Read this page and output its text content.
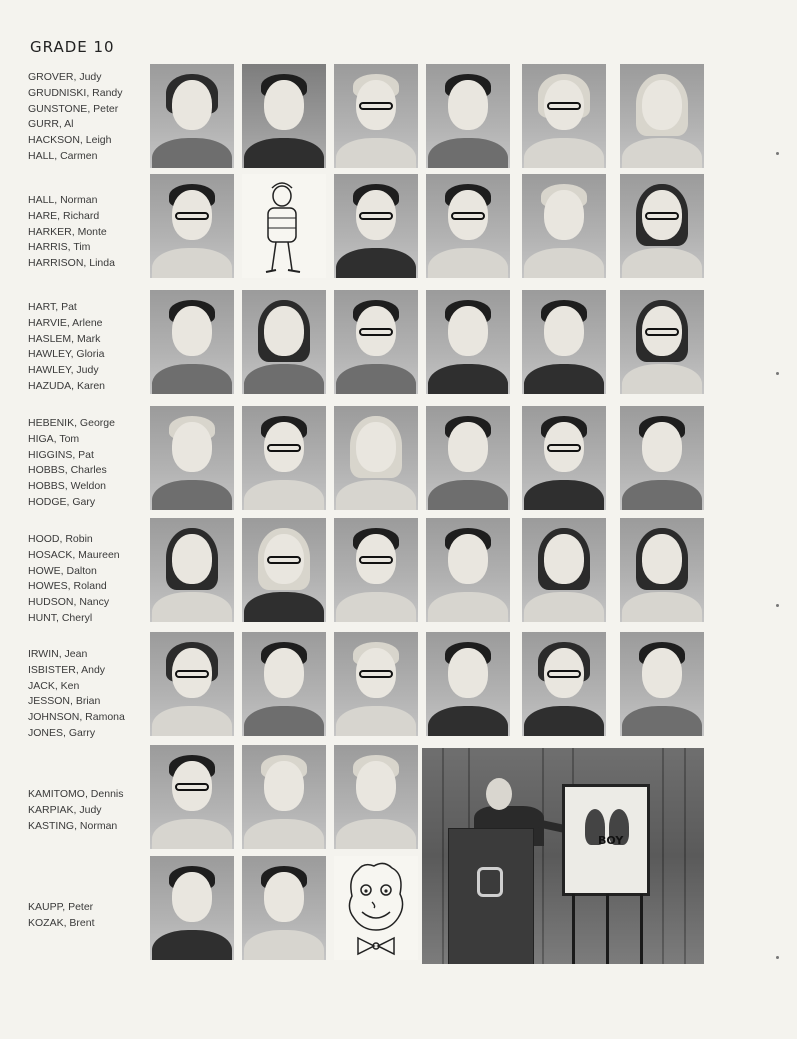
GRADE 10
GROVER, Judy
GRUDNISKI, Randy
GUNSTONE, Peter
GURR, Al
HACKSON, Leigh
HALL, Carmen
HALL, Norman
HARE, Richard
HARKER, Monte
HARRIS, Tim
HARRISON, Linda
HART, Pat
HARVIE, Arlene
HASLEM, Mark
HAWLEY, Gloria
HAWLEY, Judy
HAZUDA, Karen
HEBENIK, George
HIGA, Tom
HIGGINS, Pat
HOBBS, Charles
HOBBS, Weldon
HODGE, Gary
HOOD, Robin
HOSACK, Maureen
HOWE, Dalton
HOWES, Roland
HUDSON, Nancy
HUNT, Cheryl
IRWIN, Jean
ISBISTER, Andy
JACK, Ken
JESSON, Brian
JOHNSON, Ramona
JONES, Garry
KAMITOMO, Dennis
KARPIAK, Judy
KASTING, Norman
KAUPP, Peter
KOZAK, Brent
BOY
